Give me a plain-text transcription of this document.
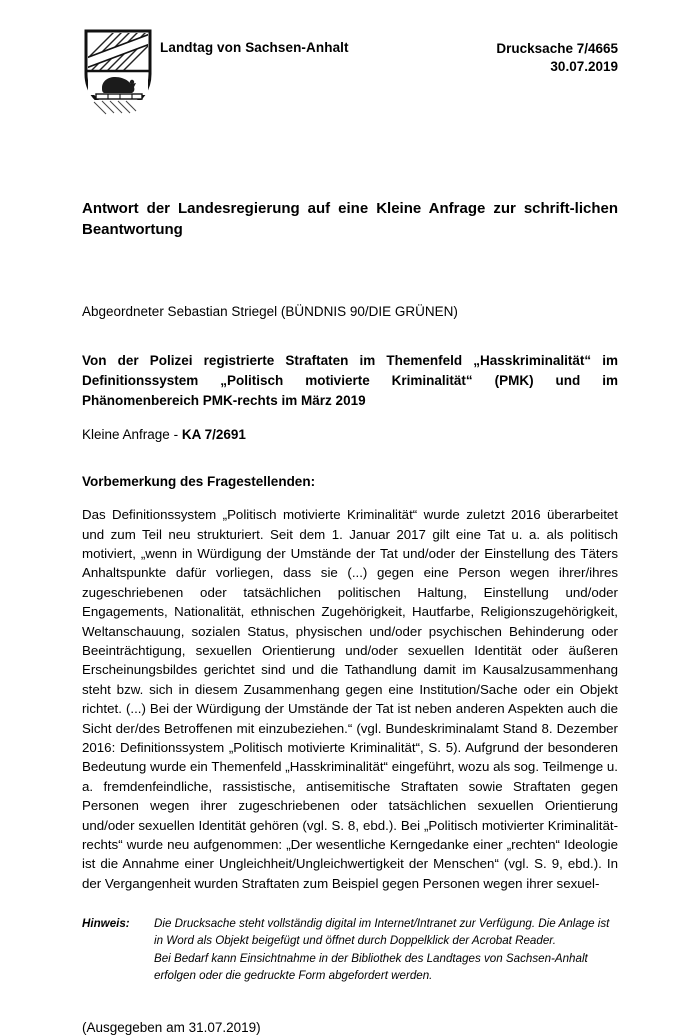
Landtag von Sachsen-Anhalt	Drucksache 7/4665
30.07.2019
Antwort der Landesregierung auf eine Kleine Anfrage zur schrift-lichen Beantwortung
Abgeordneter Sebastian Striegel (BÜNDNIS 90/DIE GRÜNEN)
Von der Polizei registrierte Straftaten im Themenfeld „Hasskriminalität“ im Definitionssystem „Politisch motivierte Kriminalität“ (PMK) und im Phänomenbereich PMK-rechts im März 2019
Kleine Anfrage - KA 7/2691
Vorbemerkung des Fragestellenden:
Das Definitionssystem „Politisch motivierte Kriminalität“ wurde zuletzt 2016 überarbeitet und zum Teil neu strukturiert. Seit dem 1. Januar 2017 gilt eine Tat u. a. als politisch motiviert, „wenn in Würdigung der Umstände der Tat und/oder der Einstellung des Täters Anhaltspunkte dafür vorliegen, dass sie (...) gegen eine Person wegen ihrer/ihres zugeschriebenen oder tatsächlichen politischen Haltung, Einstellung und/oder Engagements, Nationalität, ethnischen Zugehörigkeit, Hautfarbe, Religionszugehörigkeit, Weltanschauung, sozialen Status, physischen und/oder psychischen Behinderung oder Beeinträchtigung, sexuellen Orientierung und/oder sexuellen Identität oder äußeren Erscheinungsbildes gerichtet sind und die Tathandlung damit im Kausalzusammenhang steht bzw. sich in diesem Zusammenhang gegen eine Institution/Sache oder ein Objekt richtet. (...) Bei der Würdigung der Umstände der Tat ist neben anderen Aspekten auch die Sicht der/des Betroffenen mit einzubeziehen.“ (vgl. Bundeskriminalamt Stand 8. Dezember 2016: Definitionssystem „Politisch motivierte Kriminalität“, S. 5). Aufgrund der besonderen Bedeutung wurde ein Themenfeld „Hasskriminalität“ eingeführt, wozu als sog. Teilmenge u. a. fremdenfeindliche, rassistische, antisemitische Straftaten sowie Straftaten gegen Personen wegen ihrer zugeschriebenen oder tatsächlichen sexuellen Orientierung und/oder sexuellen Identität gehören (vgl. S. 8, ebd.). Bei „Politisch motivierter Kriminalität-rechts“ wurde neu aufgenommen: „Der wesentliche Kerngedanke einer „rechten“ Ideologie ist die Annahme einer Ungleichheit/Ungleichwertigkeit der Menschen“ (vgl. S. 9, ebd.). In der Vergangenheit wurden Straftaten zum Beispiel gegen Personen wegen ihrer sexuel-
Hinweis:	Die Drucksache steht vollständig digital im Internet/Intranet zur Verfügung. Die Anlage ist in Word als Objekt beigefügt und öffnet durch Doppelklick der Acrobat Reader.
Bei Bedarf kann Einsichtnahme in der Bibliothek des Landtages von Sachsen-Anhalt erfolgen oder die gedruckte Form abgefordert werden.
(Ausgegeben am 31.07.2019)
